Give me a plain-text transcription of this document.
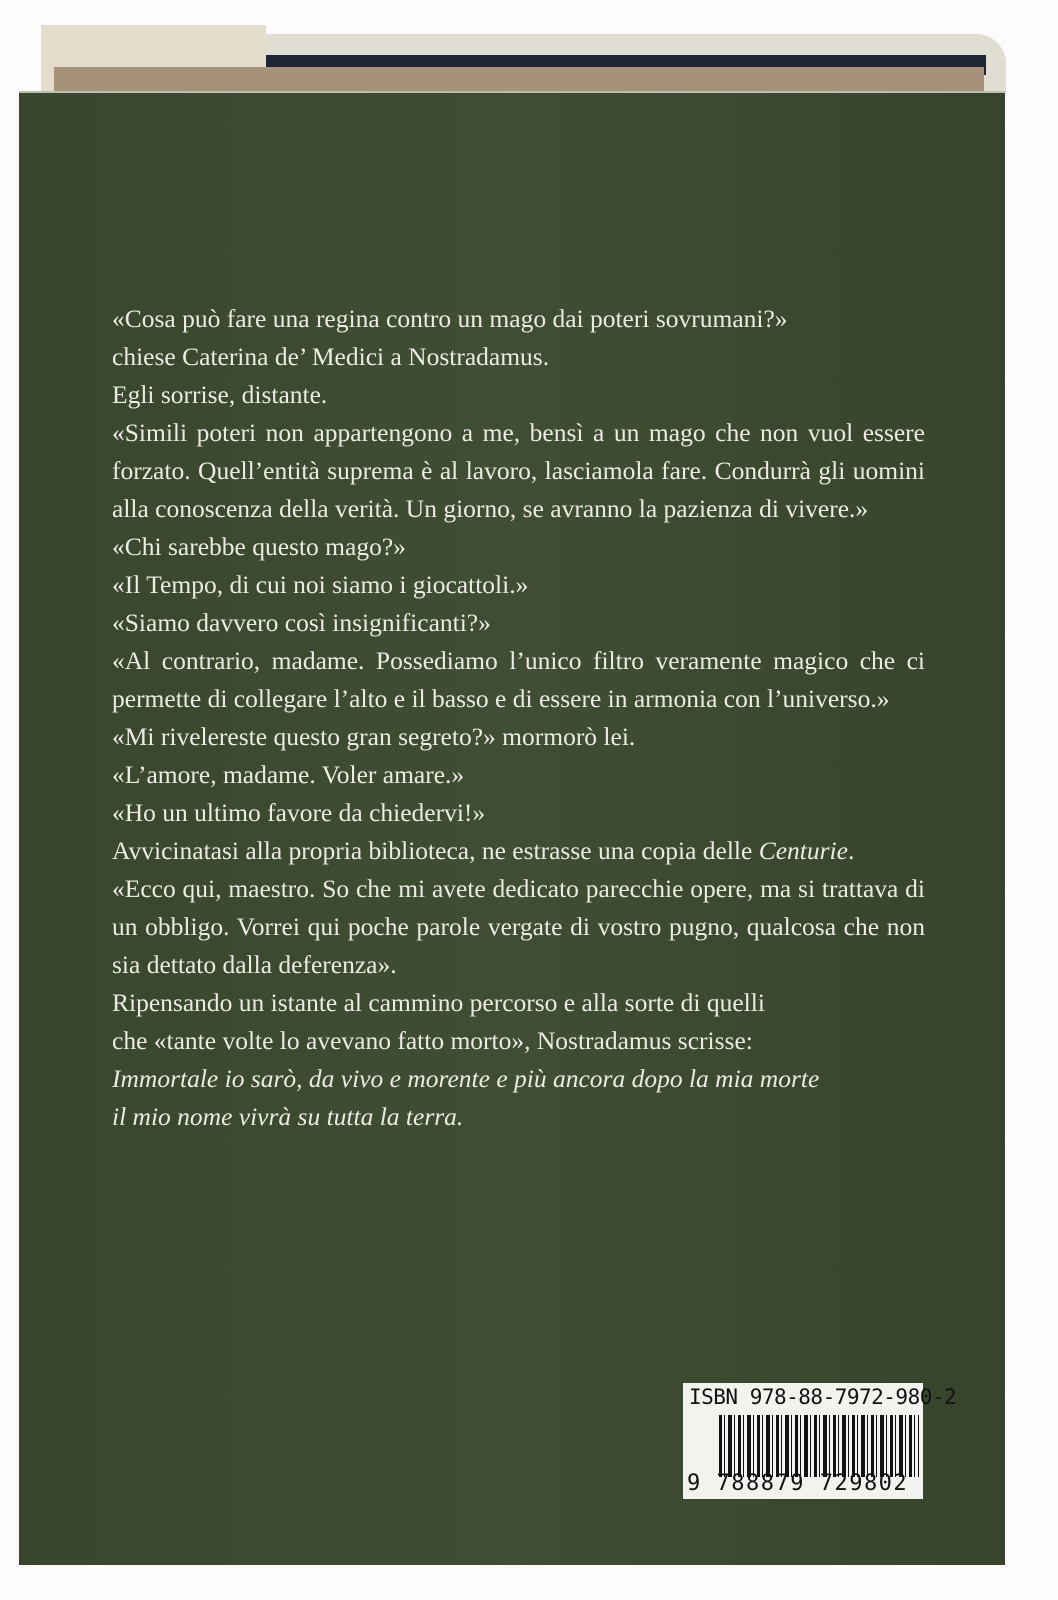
«Cosa può fare una regina contro un mago dai poteri sovrumani?»
chiese Caterina de’ Medici a Nostradamus.
Egli sorrise, distante.
«Simili poteri non appartengono a me, bensì a un mago che non vuol essere
forzato. Quell’entità suprema è al lavoro, lasciamola fare. Condurrà gli uomini
alla conoscenza della verità. Un giorno, se avranno la pazienza di vivere.»
«Chi sarebbe questo mago?»
«Il Tempo, di cui noi siamo i giocattoli.»
«Siamo davvero così insignificanti?»
«Al contrario, madame. Possediamo l’unico filtro veramente magico che ci
permette di collegare l’alto e il basso e di essere in armonia con l’universo.»
«Mi rivelereste questo gran segreto?» mormorò lei.
«L’amore, madame. Voler amare.»
«Ho un ultimo favore da chiedervi!»
Avvicinatasi alla propria biblioteca, ne estrasse una copia delle Centurie.
«Ecco qui, maestro. So che mi avete dedicato parecchie opere, ma si trattava di
un obbligo. Vorrei qui poche parole vergate di vostro pugno, qualcosa che non
sia dettato dalla deferenza».
Ripensando un istante al cammino percorso e alla sorte di quelli
che «tante volte lo avevano fatto morto», Nostradamus scrisse:
Immortale io sarò, da vivo e morente e più ancora dopo la mia morte
il mio nome vivrà su tutta la terra.
ISBN 978-88-7972-980-2
9 788879 729802
